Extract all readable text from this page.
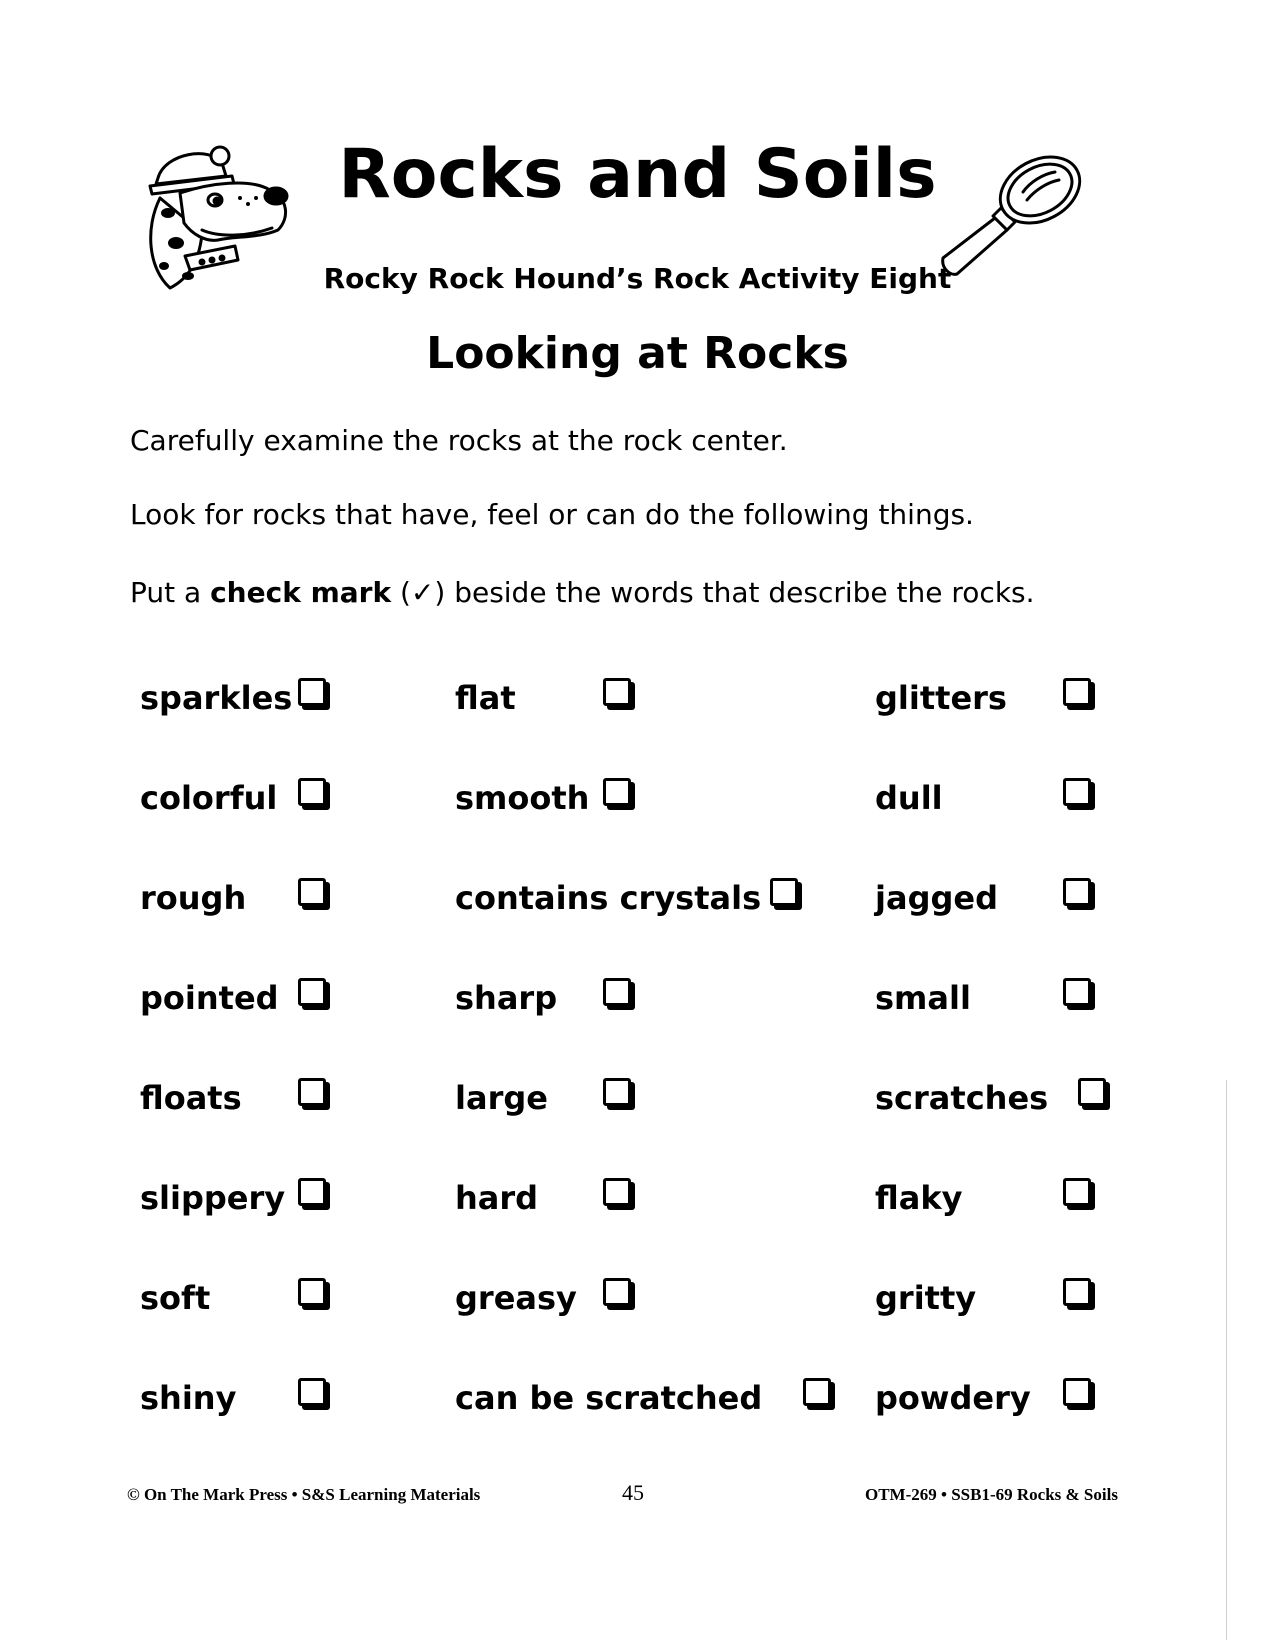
Rocks and Soils
Rocky Rock Hound’s Rock Activity Eight
Looking at Rocks

Carefully examine the rocks at the rock center.

Look for rocks that have, feel or can do the following things.

Put a check mark (✓) beside the words that describe the rocks.

sparkles
colorful
rough
pointed
floats
slippery
soft
shiny
flat
smooth
contains crystals
sharp
large
hard
greasy
can be scratched
glitters
dull
jagged
small
scratches
flaky
gritty
powdery
© On The Mark Press • S&S Learning Materials	45	OTM-269 • SSB1-69 Rocks & Soils
